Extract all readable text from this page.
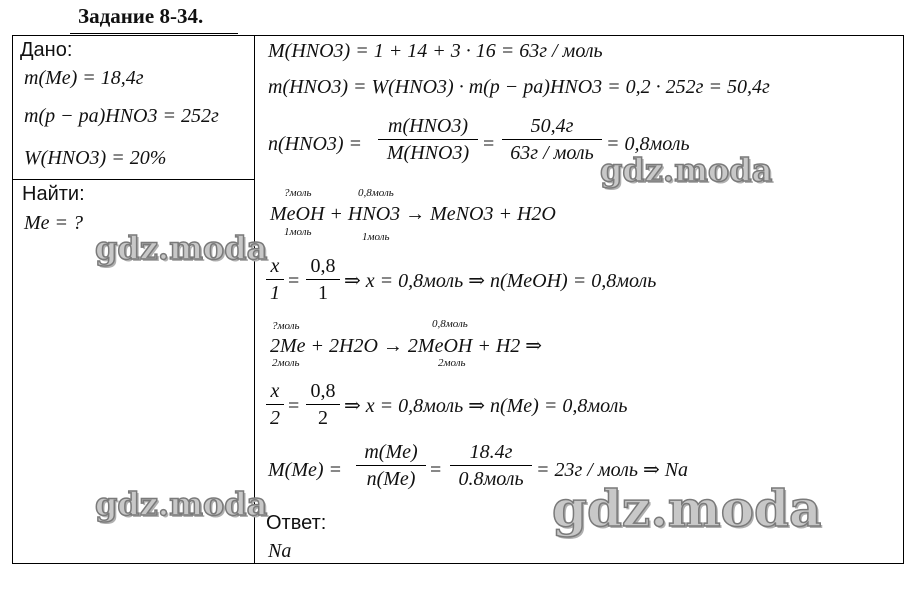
Задание 8-34.
Дано:
m(Me) = 18,4г
m(p − pa)HNO3 = 252г
W(HNO3) = 20%
Найти:
Me = ?
M(HNO3) = 1 + 14 + 3 · 16 = 63г / моль
m(HNO3) = W(HNO3) · m(p − pa)HNO3 = 0,2 · 252г = 50,4г
n(HNO3) =
m(HNO3)
M(HNO3) =
50,4г
63г / моль = 0,8моль
?моль	0,8моль
MeOH + HNO3 → MeNO3 + H2O
1моль	1моль
x
1
=
0,8
1
⇒ x = 0,8моль ⇒ n(MeOH) = 0,8моль
?моль	0,8моль
2Me + 2H2O → 2MeOH + H2 ⇒
2моль	2моль
x
2
=
0,8
2
⇒ x = 0,8моль ⇒ n(Me) = 0,8моль
M(Me) =
m(Me)
n(Me) =
18.4г
0.8моль = 23г / моль ⇒ Na
Ответ:
Na
gdz.moda
gdz.moda
gdz.moda	gdz.moda
